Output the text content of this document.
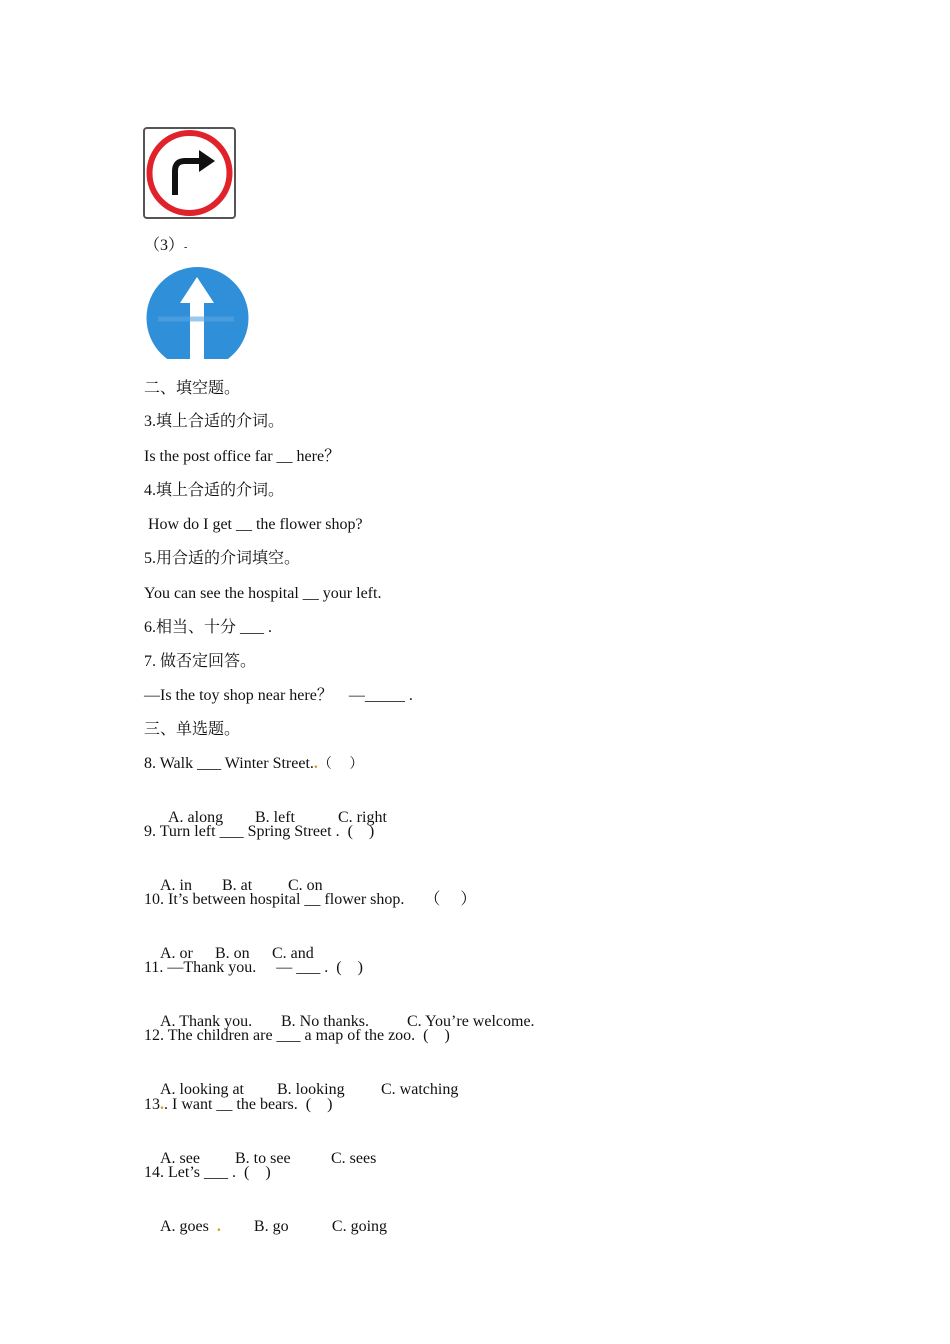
（3）-
二、填空题。
3.填上合适的介词。
Is the post office far __ here？
4.填上合适的介词。
How do I get __ the flower shop?
5.用合适的介词填空。
You can see the hospital __ your left.
6.相当、十分 ___ .
7. 做否定回答。
—Is the toy shop near here？    —_____ .
三、单选题。
8. Walk ___ Winter Street..（     ）

A. along B. left	C. right

9. Turn left ___ Spring Street .  (    )

A. in B. at C. on

10. It’s between hospital __ flower shop.     （     ）

A. or B. on C. and

11. —Thank you.     — ___ .  (    )

A. Thank you. B. No thanks. C. You’re welcome.

12. The children are ___ a map of the zoo.  (    )

A. looking at B. looking C. watching

13.. I want __ the bears.  (    )

A. see B. to see	C. sees

14. Let’s ___ .  (    )

A. goes . B. go	C. going
